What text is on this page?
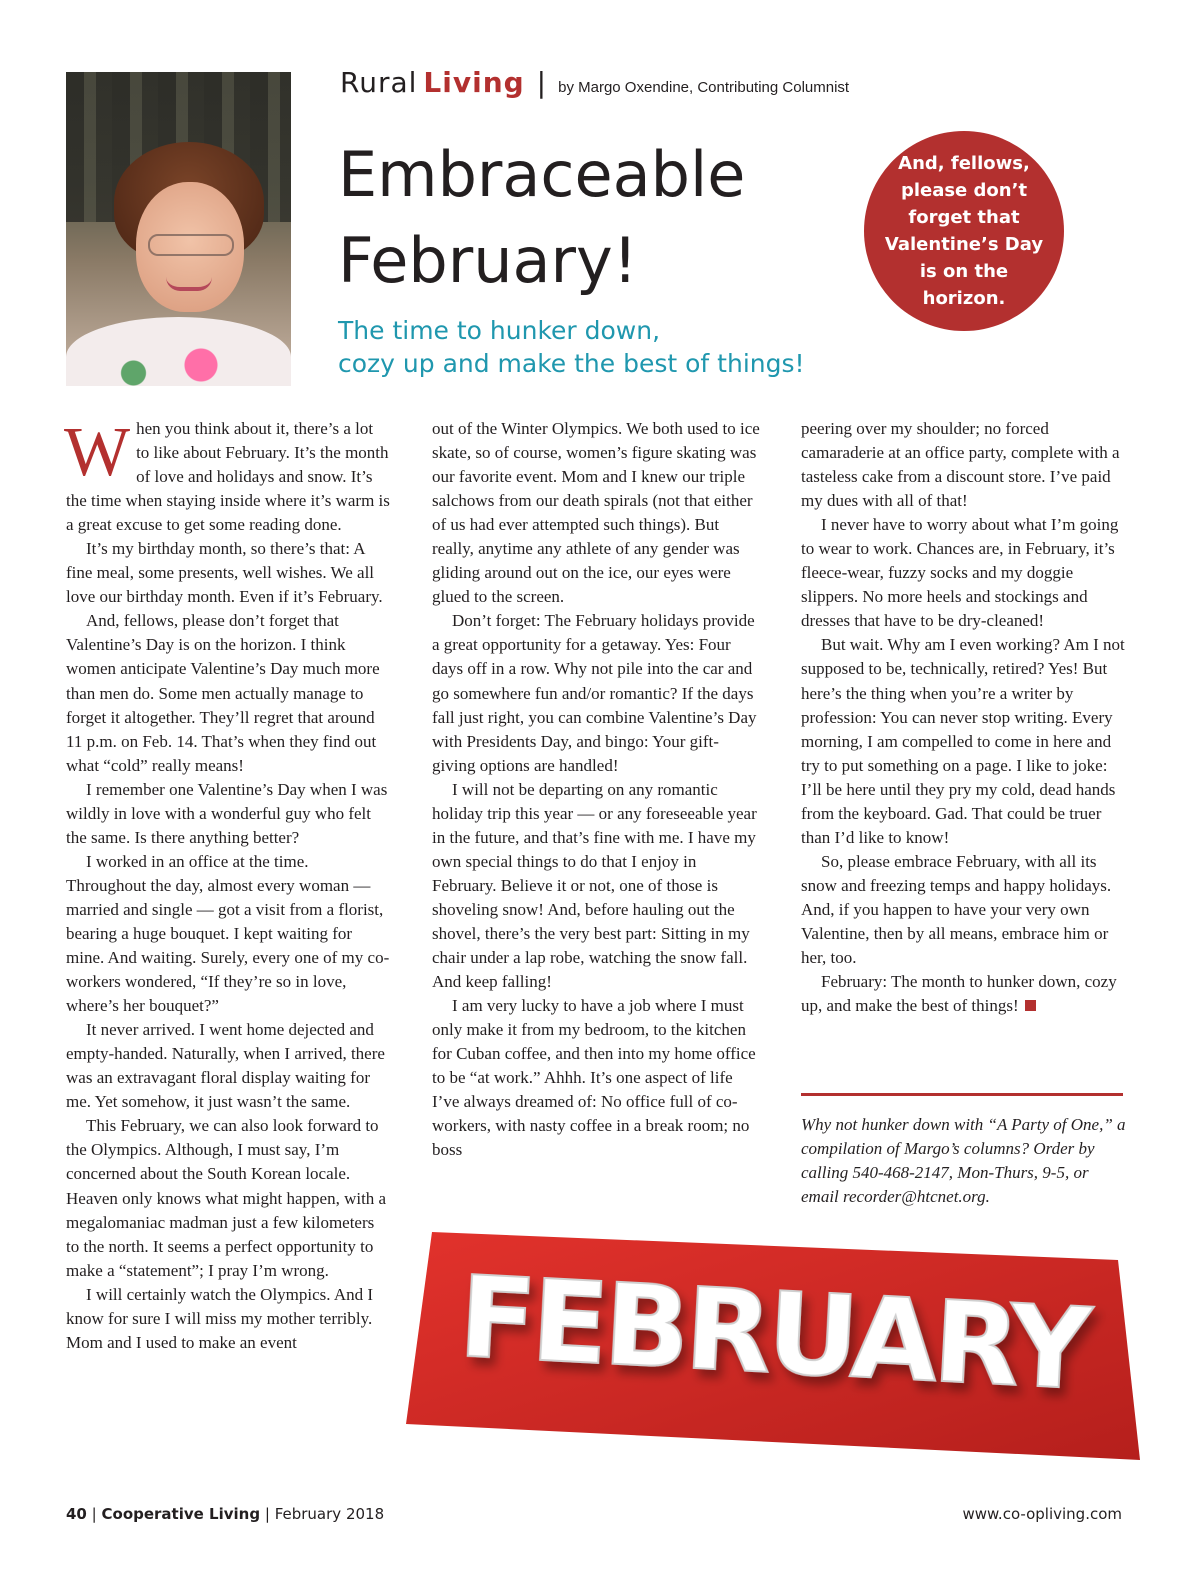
Rural Living | by Margo Oxendine, Contributing Columnist
Embraceable
February!
The time to hunker down,
cozy up and make the best of things!
And, fellows, please don’t forget that Valentine’s Day is on the horizon.

When you think about it, there’s a lot to like about February. It’s the month of love and holidays and snow. It’s the time when staying inside where it’s warm is a great excuse to get some reading done.

It’s my birthday month, so there’s that: A fine meal, some presents, well wishes. We all love our birthday month. Even if it’s February.

And, fellows, please don’t forget that Valentine’s Day is on the horizon. I think women anticipate Valentine’s Day much more than men do. Some men actually manage to forget it altogether. They’ll regret that around 11 p.m. on Feb. 14. That’s when they find out what “cold” really means!

I remember one Valentine’s Day when I was wildly in love with a wonderful guy who felt the same. Is there anything better?

I worked in an office at the time. Throughout the day, almost every woman — married and single — got a visit from a florist, bearing a huge bouquet. I kept waiting for mine. And waiting. Surely, every one of my co-workers wondered, “If they’re so in love, where’s her bouquet?”

It never arrived. I went home dejected and empty-handed. Naturally, when I arrived, there was an extravagant floral display waiting for me. Yet somehow, it just wasn’t the same.

This February, we can also look forward to the Olympics. Although, I must say, I’m concerned about the South Korean locale. Heaven only knows what might happen, with a megalomaniac madman just a few kilometers to the north. It seems a perfect opportunity to make a “statement”; I pray I’m wrong.

I will certainly watch the Olympics. And I know for sure I will miss my mother terribly. Mom and I used to make an event

out of the Winter Olympics. We both used to ice skate, so of course, women’s figure skating was our favorite event. Mom and I knew our triple salchows from our death spirals (not that either of us had ever attempted such things). But really, anytime any athlete of any gender was gliding around out on the ice, our eyes were glued to the screen.

Don’t forget: The February holidays provide a great opportunity for a getaway. Yes: Four days off in a row. Why not pile into the car and go somewhere fun and/or romantic? If the days fall just right, you can combine Valentine’s Day with Presidents Day, and bingo: Your gift-giving options are handled!

I will not be departing on any romantic holiday trip this year — or any foreseeable year in the future, and that’s fine with me. I have my own special things to do that I enjoy in February. Believe it or not, one of those is shoveling snow! And, before hauling out the shovel, there’s the very best part: Sitting in my chair under a lap robe, watching the snow fall. And keep falling!

I am very lucky to have a job where I must only make it from my bedroom, to the kitchen for Cuban coffee, and then into my home office to be “at work.” Ahhh. It’s one aspect of life I’ve always dreamed of: No office full of co-workers, with nasty coffee in a break room; no boss

peering over my shoulder; no forced camaraderie at an office party, complete with a tasteless cake from a discount store. I’ve paid my dues with all of that!

I never have to worry about what I’m going to wear to work. Chances are, in February, it’s fleece-wear, fuzzy socks and my doggie slippers. No more heels and stockings and dresses that have to be dry-cleaned!

But wait. Why am I even working? Am I not supposed to be, technically, retired? Yes! But here’s the thing when you’re a writer by profession: You can never stop writing. Every morning, I am compelled to come in here and try to put something on a page. I like to joke: I’ll be here until they pry my cold, dead hands from the keyboard. Gad. That could be truer than I’d like to know!

So, please embrace February, with all its snow and freezing temps and happy holidays. And, if you happen to have your very own Valentine, then by all means, embrace him or her, too.

February: The month to hunker down, cozy up, and make the best of things!

Why not hunker down with “A Party of One,” a compilation of Margo’s columns? Order by calling 540-468-2147, Mon-Thurs, 9-5, or email recorder@htcnet.org.
FEBRUARY
40 | Cooperative Living | February 2018	www.co-opliving.com
